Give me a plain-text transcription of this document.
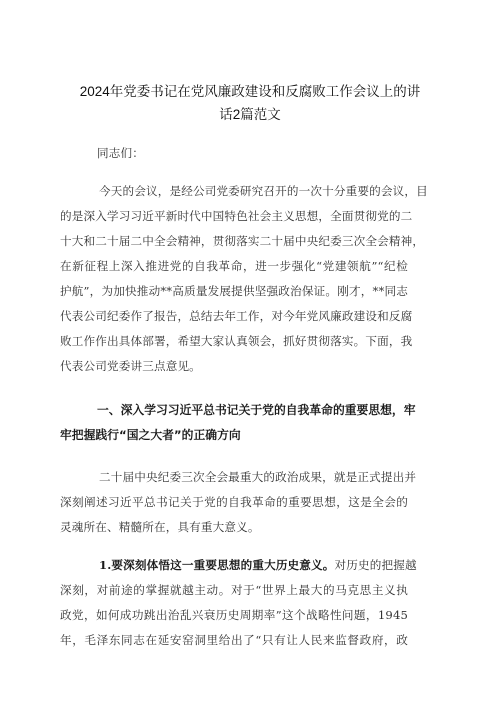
2024年党委书记在党风廉政建设和反腐败工作会议上的讲
话2篇范文
同志们：
今天的会议，是经公司党委研究召开的一次十分重要的会议，目
的是深入学习习近平新时代中国特色社会主义思想，全面贯彻党的二
十大和二十届二中全会精神，贯彻落实二十届中央纪委三次全会精神，
在新征程上深入推进党的自我革命，进一步强化“党建领航”“纪检
护航”，为加快推动**高质量发展提供坚强政治保证。刚才，**同志
代表公司纪委作了报告，总结去年工作，对今年党风廉政建设和反腐
败工作作出具体部署，希望大家认真领会，抓好贯彻落实。下面，我
代表公司党委讲三点意见。
一、深入学习习近平总书记关于党的自我革命的重要思想，牢
牢把握践行“国之大者”的正确方向
二十届中央纪委三次全会最重大的政治成果，就是正式提出并
深刻阐述习近平总书记关于党的自我革命的重要思想，这是全会的
灵魂所在、精髓所在，具有重大意义。
1.要深刻体悟这一重要思想的重大历史意义。对历史的把握越
深刻，对前途的掌握就越主动。对于“世界上最大的马克思主义执
政党，如何成功跳出治乱兴衰历史周期率”这个战略性问题，1945
年，毛泽东同志在延安窑洞里给出了“只有让人民来监督政府，政
